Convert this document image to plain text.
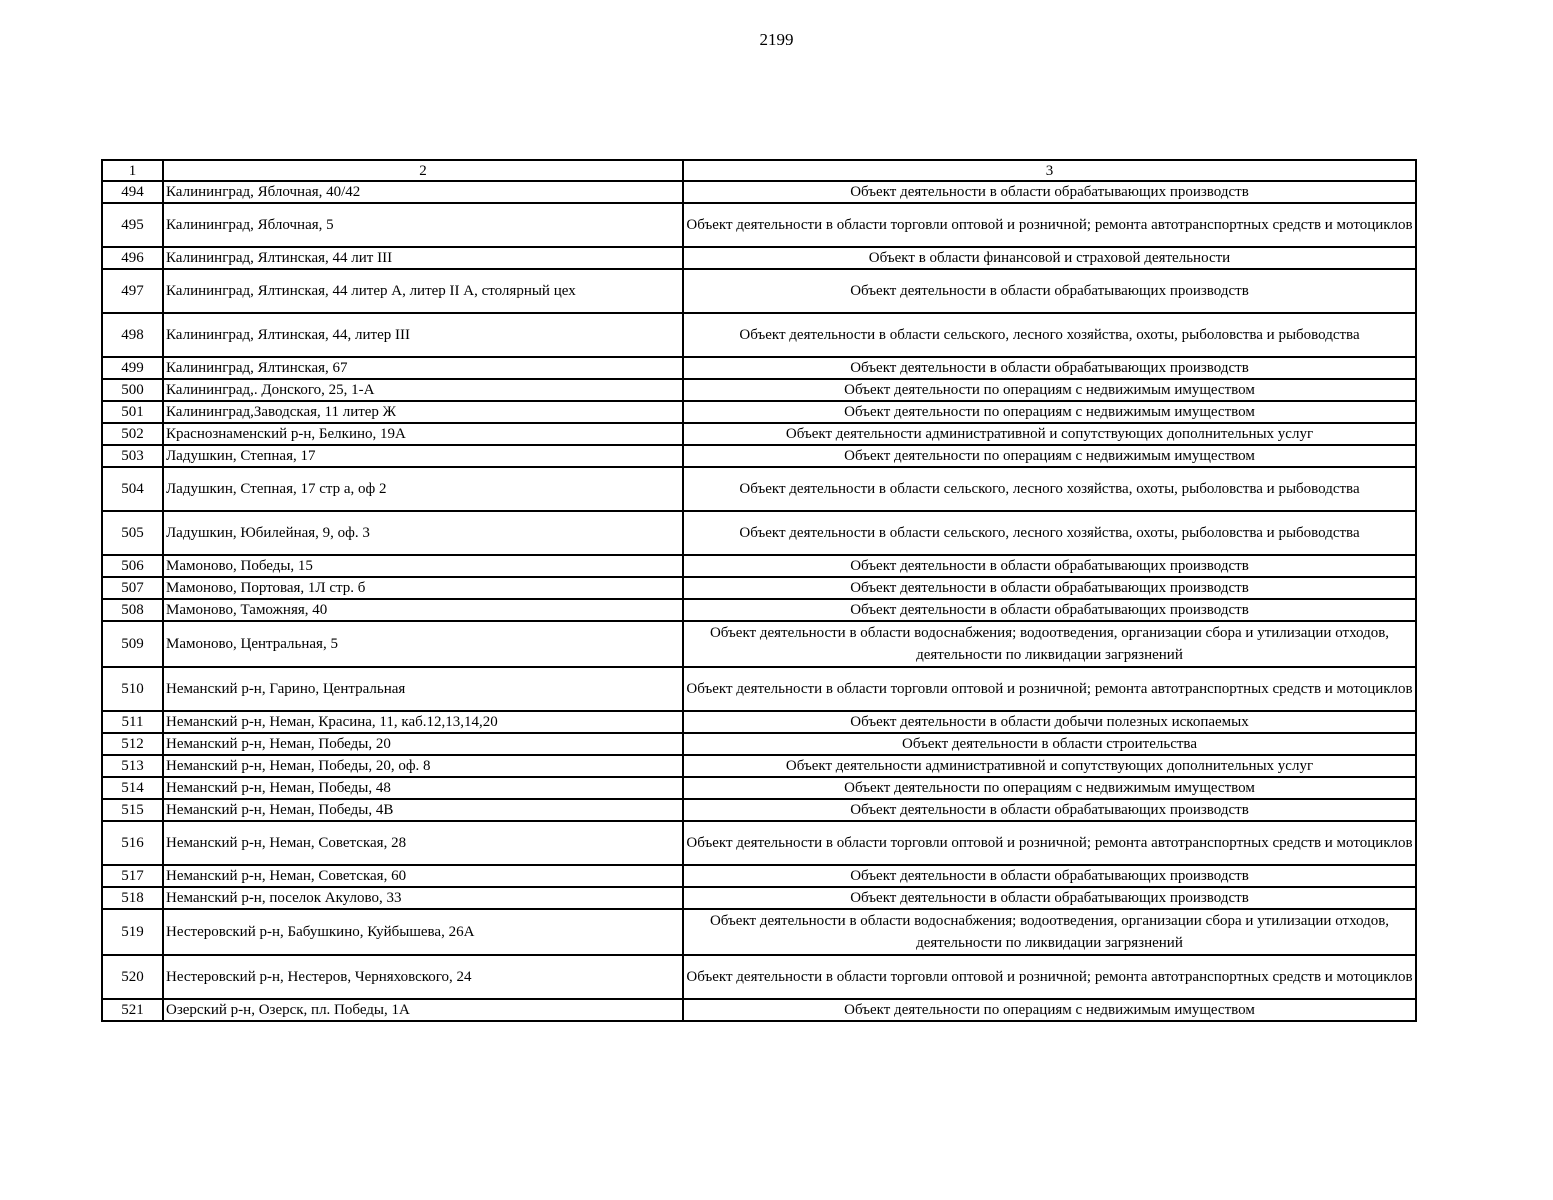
2199
1	2	3
494	Калининград, Яблочная, 40/42	Объект деятельности в области обрабатывающих производств
495	Калининград, Яблочная, 5	Объект деятельности в области торговли оптовой и розничной; ремонта автотранспортных средств и мотоциклов
496	Калининград, Ялтинская, 44 лит III	Объект в области финансовой и страховой деятельности
497	Калининград, Ялтинская, 44 литер А, литер II А, столярный цех	Объект деятельности в области обрабатывающих производств
498	Калининград, Ялтинская, 44, литер III	Объект деятельности в области сельского, лесного хозяйства, охоты, рыболовства и рыбоводства
499	Калининград, Ялтинская, 67	Объект деятельности в области обрабатывающих производств
500	Калининград,. Донского, 25, 1-А	Объект деятельности по операциям с недвижимым имуществом
501	Калининград,Заводская, 11 литер Ж	Объект деятельности по операциям с недвижимым имуществом
502	Краснознаменский р-н, Белкино, 19А	Объект деятельности административной и сопутствующих дополнительных услуг
503	Ладушкин, Степная, 17	Объект деятельности по операциям с недвижимым имуществом
504	Ладушкин, Степная, 17 стр а, оф 2	Объект деятельности в области сельского, лесного хозяйства, охоты, рыболовства и рыбоводства
505	Ладушкин, Юбилейная, 9, оф. 3	Объект деятельности в области сельского, лесного хозяйства, охоты, рыболовства и рыбоводства
506	Мамоново, Победы, 15	Объект деятельности в области обрабатывающих производств
507	Мамоново, Портовая, 1Л стр. б	Объект деятельности в области обрабатывающих производств
508	Мамоново, Таможняя, 40	Объект деятельности в области обрабатывающих производств
509	Мамоново, Центральная, 5	Объект деятельности в области водоснабжения; водоотведения, организации сбора и утилизации отходов, деятельности по ликвидации загрязнений
510	Неманский р-н, Гарино, Центральная	Объект деятельности в области торговли оптовой и розничной; ремонта автотранспортных средств и мотоциклов
511	Неманский р-н, Неман, Красина, 11, каб.12,13,14,20	Объект деятельности в области добычи полезных ископаемых
512	Неманский р-н, Неман, Победы, 20	Объект деятельности в области строительства
513	Неманский р-н, Неман, Победы, 20, оф. 8	Объект деятельности административной и сопутствующих дополнительных услуг
514	Неманский р-н, Неман, Победы, 48	Объект деятельности по операциям с недвижимым имуществом
515	Неманский р-н, Неман, Победы, 4В	Объект деятельности в области обрабатывающих производств
516	Неманский р-н, Неман, Советская, 28	Объект деятельности в области торговли оптовой и розничной; ремонта автотранспортных средств и мотоциклов
517	Неманский р-н, Неман, Советская, 60	Объект деятельности в области обрабатывающих производств
518	Неманский р-н, поселок Акулово, 33	Объект деятельности в области обрабатывающих производств
519	Нестеровский р-н, Бабушкино, Куйбышева, 26А	Объект деятельности в области водоснабжения; водоотведения, организации сбора и утилизации отходов, деятельности по ликвидации загрязнений
520	Нестеровский р-н, Нестеров, Черняховского, 24	Объект деятельности в области торговли оптовой и розничной; ремонта автотранспортных средств и мотоциклов
521	Озерский р-н, Озерск, пл. Победы, 1А	Объект деятельности по операциям с недвижимым имуществом
